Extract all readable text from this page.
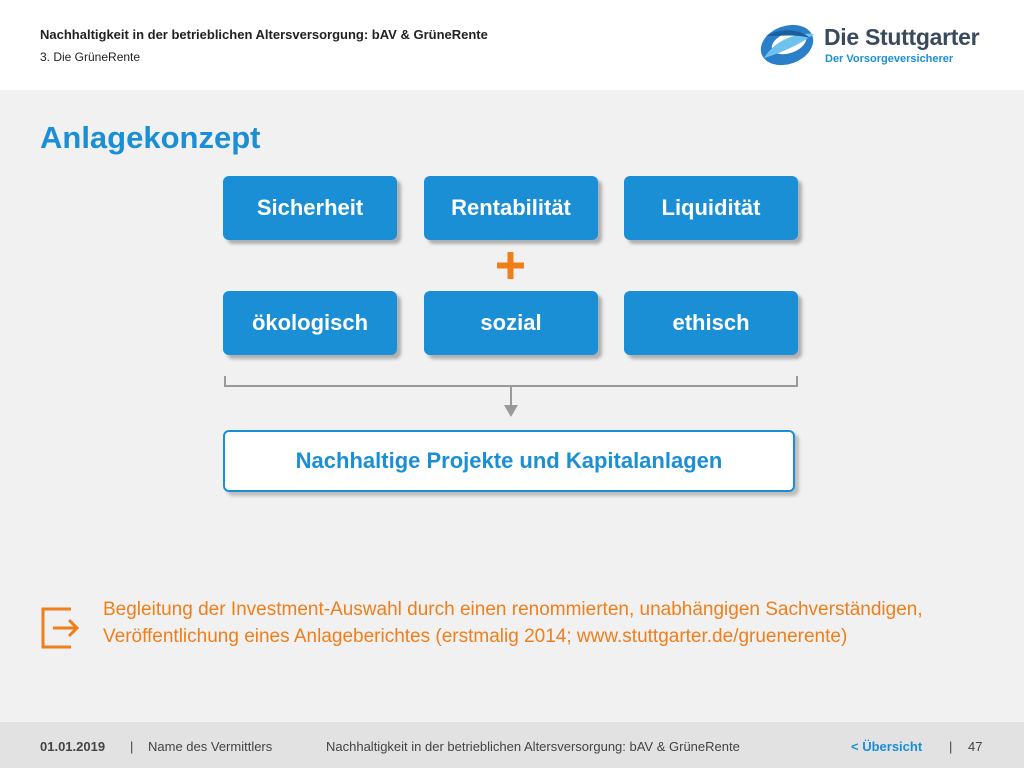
Nachhaltigkeit in der betrieblichen Altersversorgung: bAV & GrüneRente
3. Die GrüneRente
Die Stuttgarter
Der Vorsorgeversicherer
Anlagekonzept
Sicherheit	Rentabilität	Liquidität
ökologisch	sozial	ethisch
Nachhaltige Projekte und Kapitalanlagen
Begleitung der Investment-Auswahl durch einen renommierten, unabhängigen Sachverständigen, Veröffentlichung eines Anlageberichtes (erstmalig 2014; www.stuttgarter.de/gruenerente)
01.01.2019 | Name des Vermittlers	Nachhaltigkeit in der betrieblichen Altersversorgung: bAV & GrüneRente	< Übersicht | 47
